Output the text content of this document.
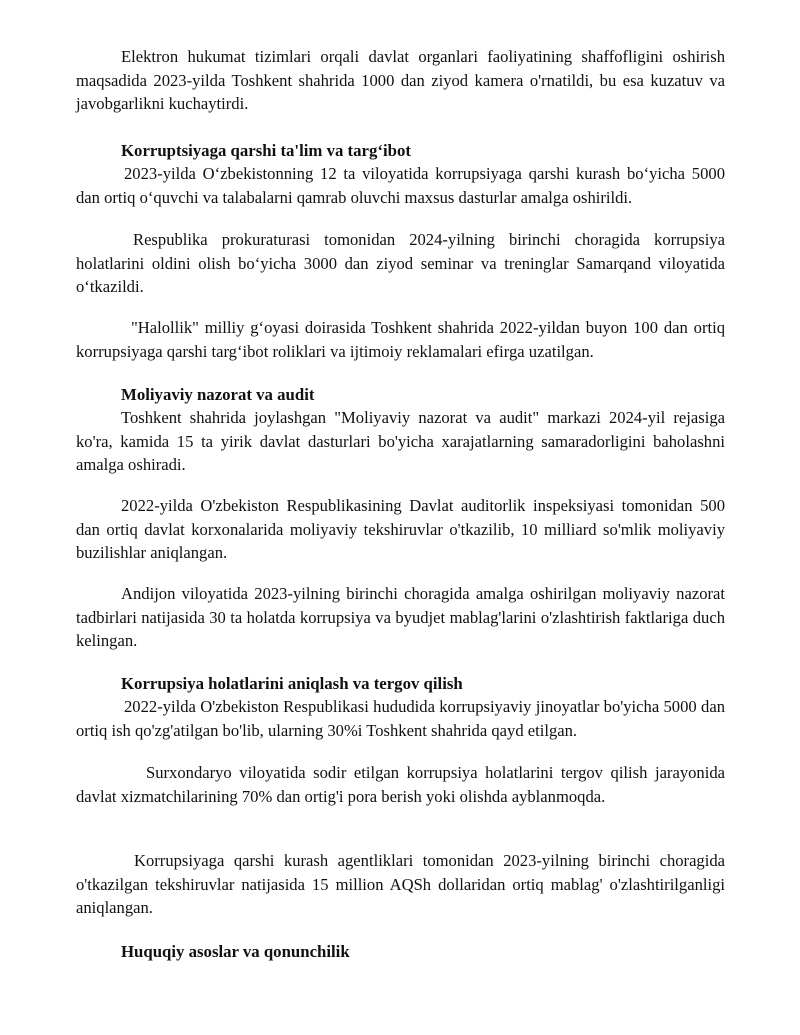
Elektron hukumat tizimlari orqali davlat organlari faoliyatining shaffofligini oshirish maqsadida 2023-yilda Toshkent shahrida 1000 dan ziyod kamera o'rnatildi, bu esa kuzatuv va javobgarlikni kuchaytirdi.

Korruptsiyaga qarshi ta'lim va targ‘ibot

2023-yilda O‘zbekistonning 12 ta viloyatida korrupsiyaga qarshi kurash bo‘yicha 5000 dan ortiq o‘quvchi va talabalarni qamrab oluvchi maxsus dasturlar amalga oshirildi.

Respublika prokuraturasi tomonidan 2024-yilning birinchi choragida korrupsiya holatlarini oldini olish bo‘yicha 3000 dan ziyod seminar va treninglar Samarqand viloyatida o‘tkazildi.

"Halollik" milliy g‘oyasi doirasida Toshkent shahrida 2022-yildan buyon 100 dan ortiq korrupsiyaga qarshi targ‘ibot roliklari va ijtimoiy reklamalari efirga uzatilgan.

Moliyaviy nazorat va audit

Toshkent shahrida joylashgan "Moliyaviy nazorat va audit" markazi 2024-yil rejasiga ko'ra, kamida 15 ta yirik davlat dasturlari bo'yicha xarajatlarning samaradorligini baholashni amalga oshiradi.

2022-yilda O'zbekiston Respublikasining Davlat auditorlik inspeksiyasi tomonidan 500 dan ortiq davlat korxonalarida moliyaviy tekshiruvlar o'tkazilib, 10 milliard so'mlik moliyaviy buzilishlar aniqlangan.

Andijon viloyatida 2023-yilning birinchi choragida amalga oshirilgan moliyaviy nazorat tadbirlari natijasida 30 ta holatda korrupsiya va byudjet mablag'larini o'zlashtirish faktlariga duch kelingan.

Korrupsiya holatlarini aniqlash va tergov qilish

2022-yilda O'zbekiston Respublikasi hududida korrupsiyaviy jinoyatlar bo'yicha 5000 dan ortiq ish qo'zg'atilgan bo'lib, ularning 30%i Toshkent shahrida qayd etilgan.

Surxondaryo viloyatida sodir etilgan korrupsiya holatlarini tergov qilish jarayonida davlat xizmatchilarining 70% dan ortig'i pora berish yoki olishda ayblanmoqda.

Korrupsiyaga qarshi kurash agentliklari tomonidan 2023-yilning birinchi choragida o'tkazilgan tekshiruvlar natijasida 15 million AQSh dollaridan ortiq mablag' o'zlashtirilganligi aniqlangan.

Huquqiy asoslar va qonunchilik
